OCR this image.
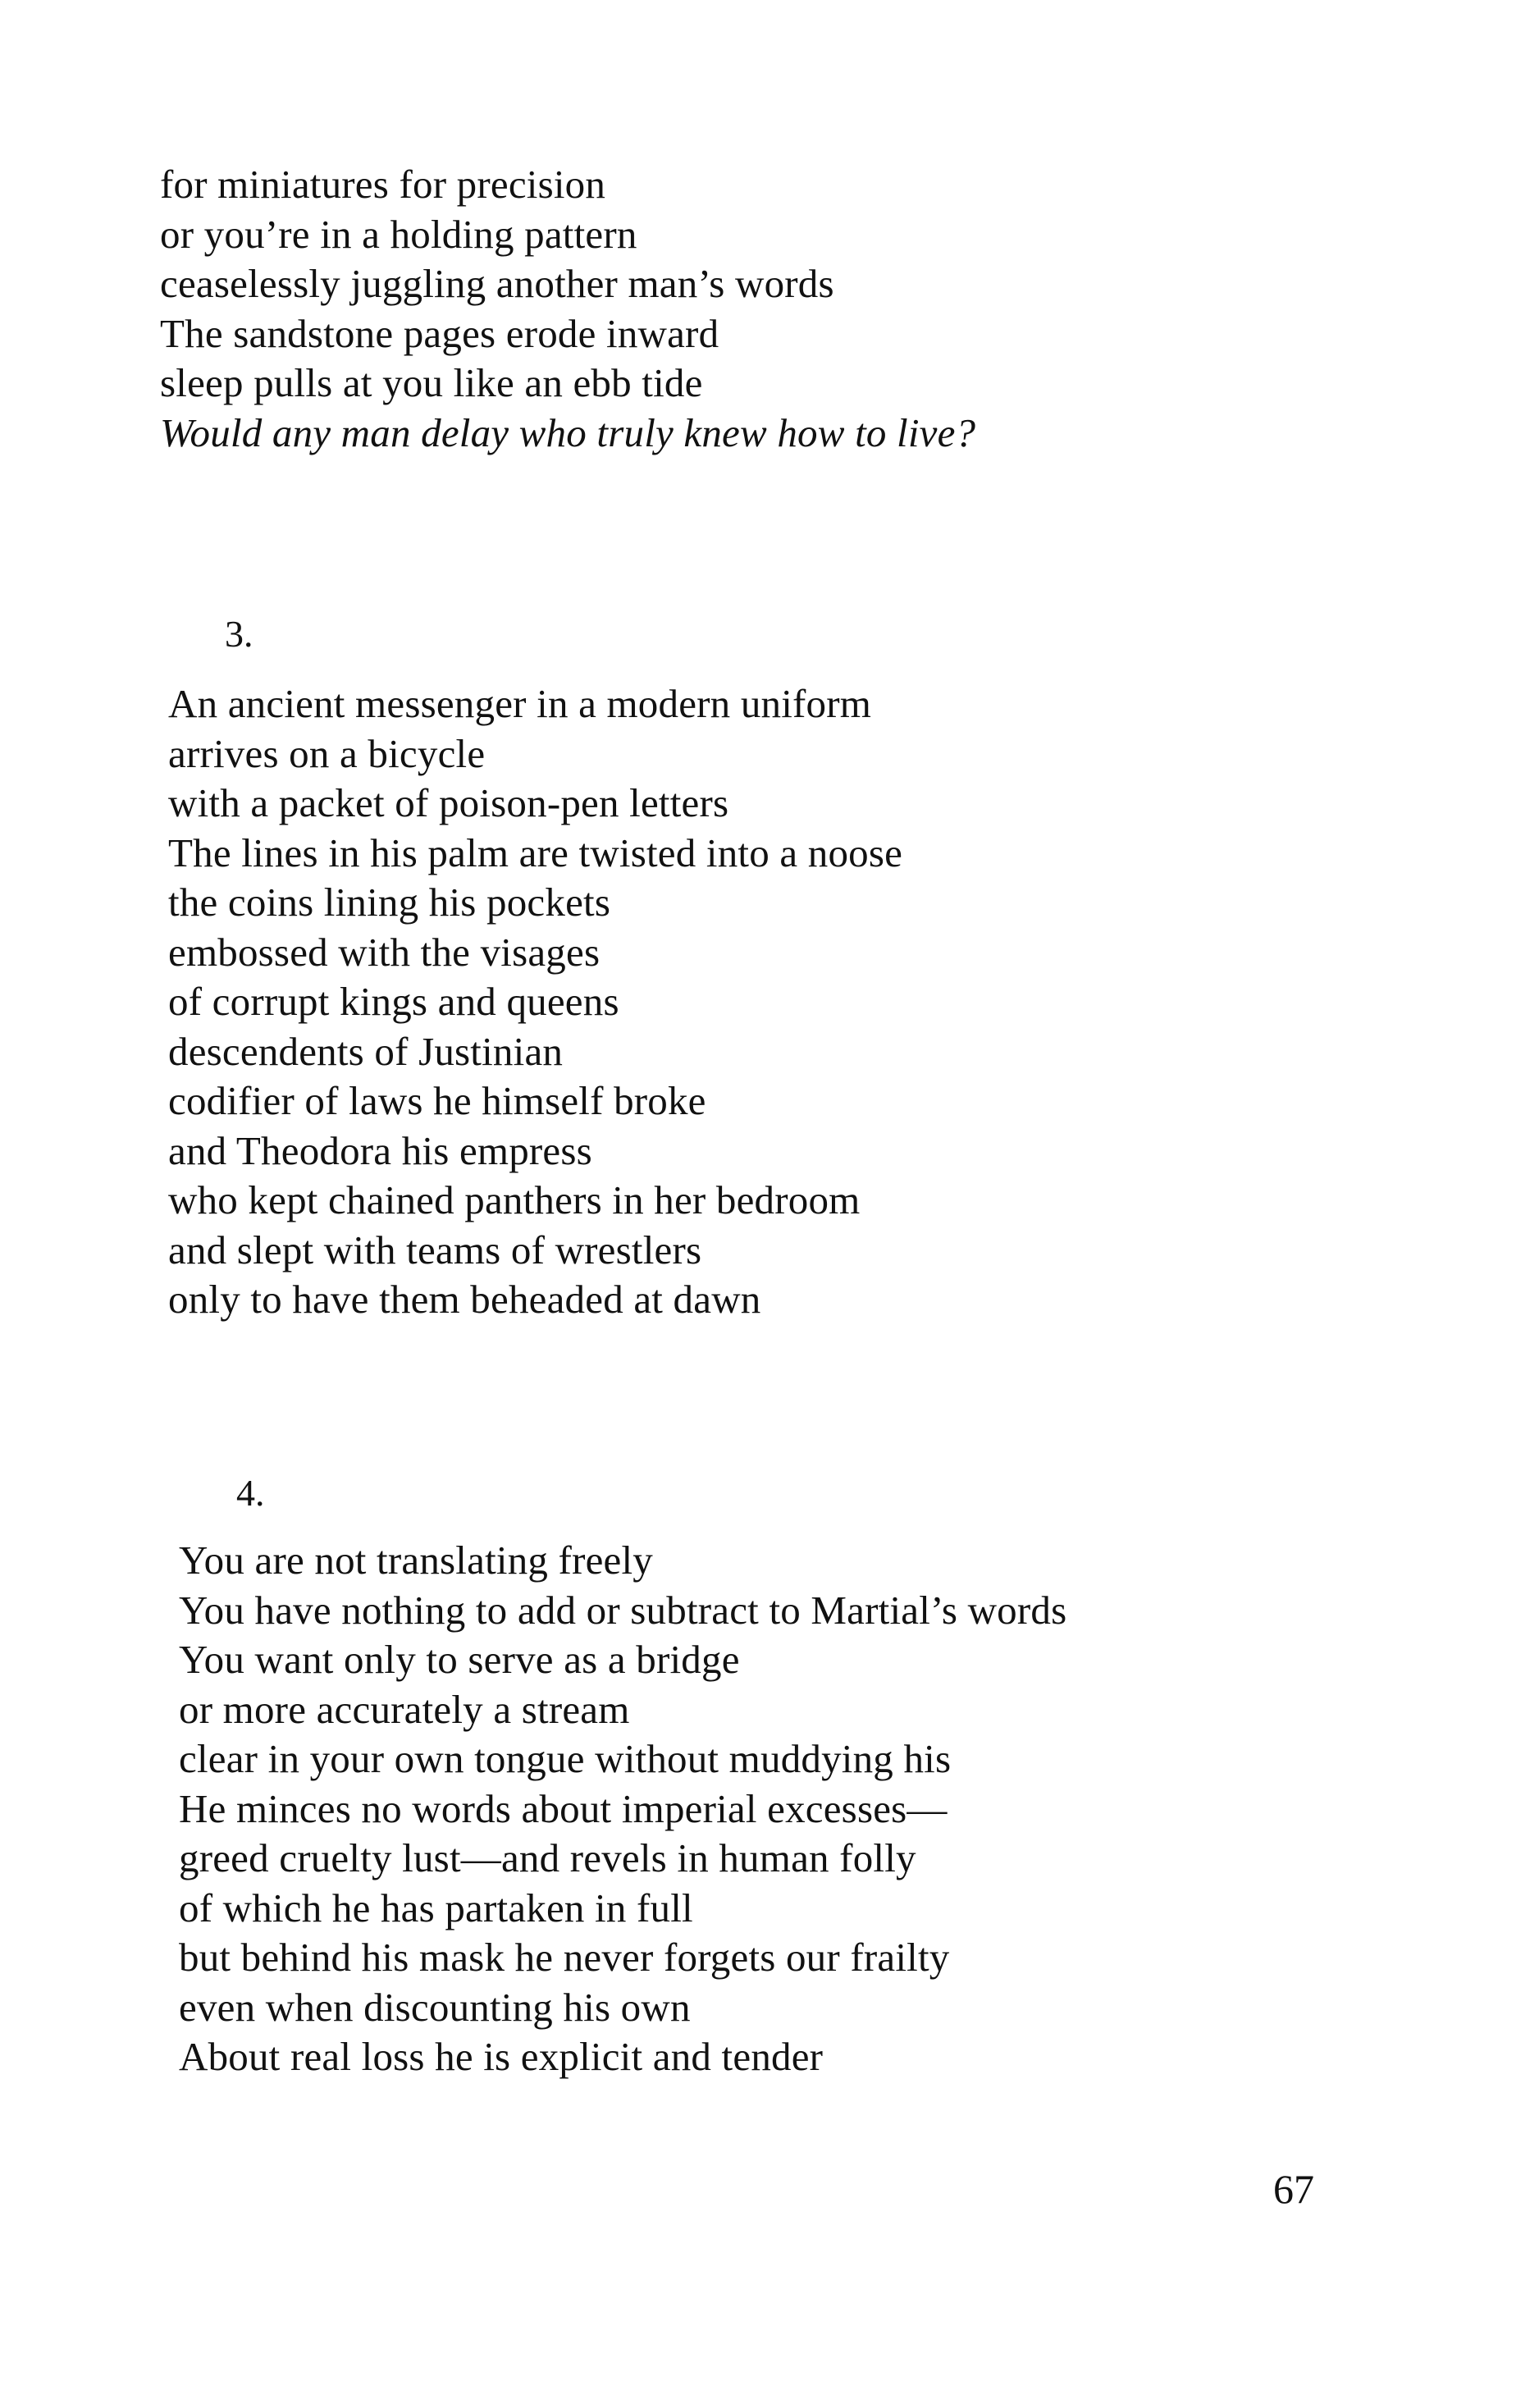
for miniatures for precision
or you’re in a holding pattern
ceaselessly juggling another man’s words
The sandstone pages erode inward
sleep pulls at you like an ebb tide
Would any man delay who truly knew how to live?
3.
An ancient messenger in a modern uniform
arrives on a bicycle
with a packet of poison-pen letters
The lines in his palm are twisted into a noose
the coins lining his pockets
embossed with the visages
of corrupt kings and queens
descendents of Justinian
codifier of laws he himself broke
and Theodora his empress
who kept chained panthers in her bedroom
and slept with teams of wrestlers
only to have them beheaded at dawn
4.
You are not translating freely
You have nothing to add or subtract to Martial’s words
You want only to serve as a bridge
or more accurately a stream
clear in your own tongue without muddying his
He minces no words about imperial excesses—
greed cruelty lust—and revels in human folly
of which he has partaken in full
but behind his mask he never forgets our frailty
even when discounting his own
About real loss he is explicit and tender
67
